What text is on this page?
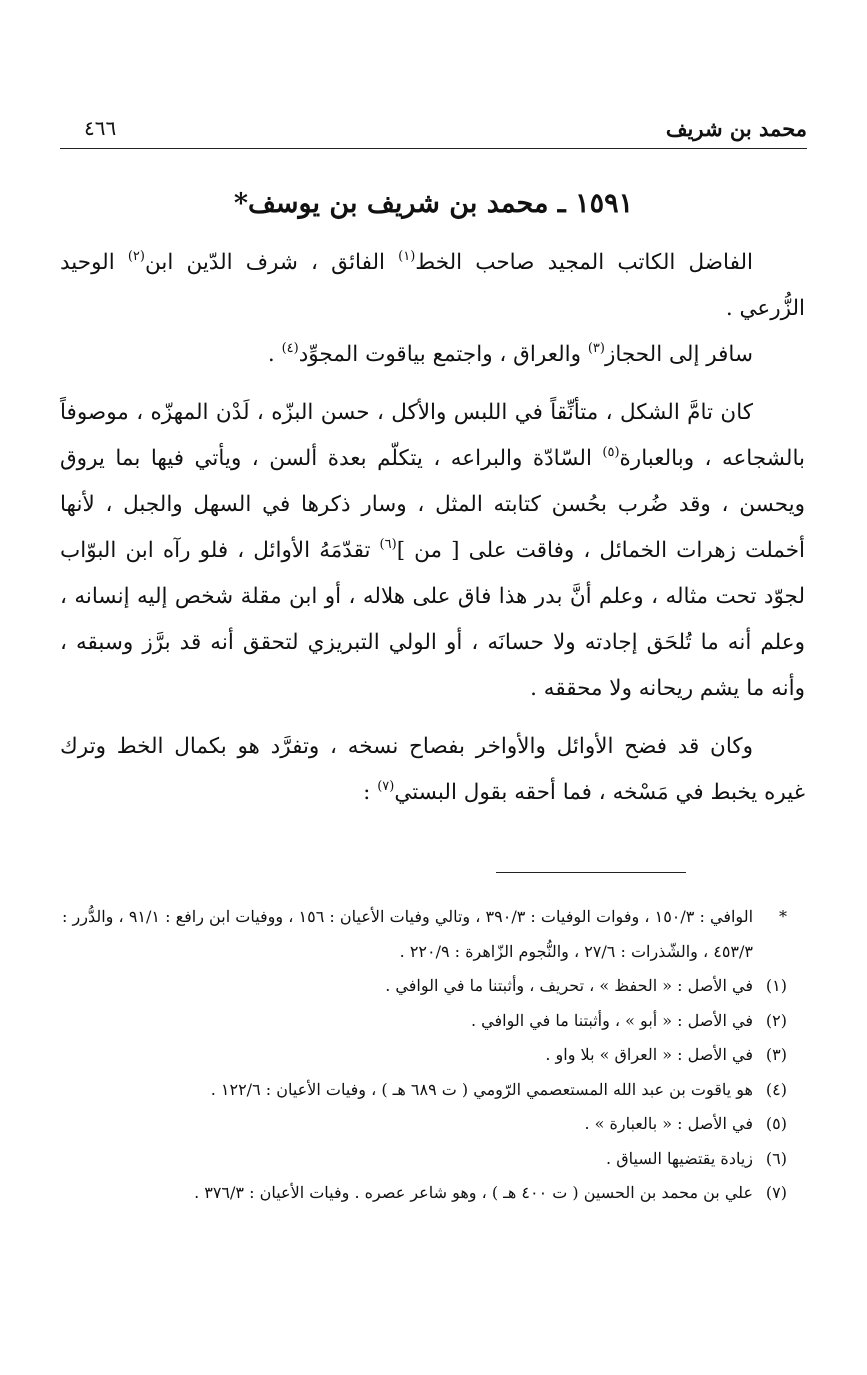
محمد بن شريف
٤٦٦
١٥٩١ ـ محمد بن شريف بن يوسف*

الفاضل الكاتب المجيد صاحب الخط$^{(١)}$ الفائق ، شرف الدّين ابن$^{(٢)}$ الوحيد الزُّرعي .

سافر إلى الحجاز$^{(٣)}$ والعراق ، واجتمع بياقوت المجوِّد$^{(٤)}$ .

كان تامَّ الشكل ، متأنِّقاً في اللبس والأكل ، حسن البزّه ، لَدْن المهزّه ، موصوفاً بالشجاعه ، وبالعبارة$^{(٥)}$ السّادّة والبراعه ، يتكلّم بعدة ألسن ، ويأتي فيها بما يروق ويحسن ، وقد ضُرب بحُسن كتابته المثل ، وسار ذكرها في السهل والجبل ، لأنها أخملت زهرات الخمائل ، وفاقت على [ من ]$^{(٦)}$ تقدّمَهُ الأوائل ، فلو رآه ابن البوّاب لجوّد تحت مثاله ، وعلم أنَّ بدر هذا فاق على هلاله ، أو ابن مقلة شخص إليه إنسانه ، وعلم أنه ما تُلحَق إجادته ولا حسانَه ، أو الولي التبريزي لتحقق أنه قد برَّز وسبقه ، وأنه ما يشم ريحانه ولا محققه .

وكان قد فضح الأوائل والأواخر بفصاح نسخه ، وتفرَّد هو بكمال الخط وترك غيره يخبط في مَسْخه ، فما أحقه بقول البستي$^{(٧)}$ :

*
الوافي : ١٥٠/٣ ، وفوات الوفيات : ٣٩٠/٣ ، وتالي وفيات الأعيان : ١٥٦ ، ووفيات ابن رافع : ٩١/١ ، والدُّرر : ٤٥٣/٣ ، والشّذرات : ٢٧/٦ ، والنُّجوم الزّاهرة : ٢٢٠/٩ .
(١)
في الأصل : « الحفظ » ، تحريف ، وأثبتنا ما في الوافي .
(٢)
في الأصل : « أبو » ، وأثبتنا ما في الوافي .
(٣)
في الأصل : « العراق » بلا واو .
(٤)
هو ياقوت بن عبد الله المستعصمي الرّومي ( ت ٦٨٩ هـ ) ، وفيات الأعيان : ١٢٢/٦ .
(٥)
في الأصل : « بالعبارة » .
(٦)
زيادة يقتضيها السياق .
(٧)
علي بن محمد بن الحسين ( ت ٤٠٠ هـ ) ، وهو شاعر عصره . وفيات الأعيان : ٣٧٦/٣ .
